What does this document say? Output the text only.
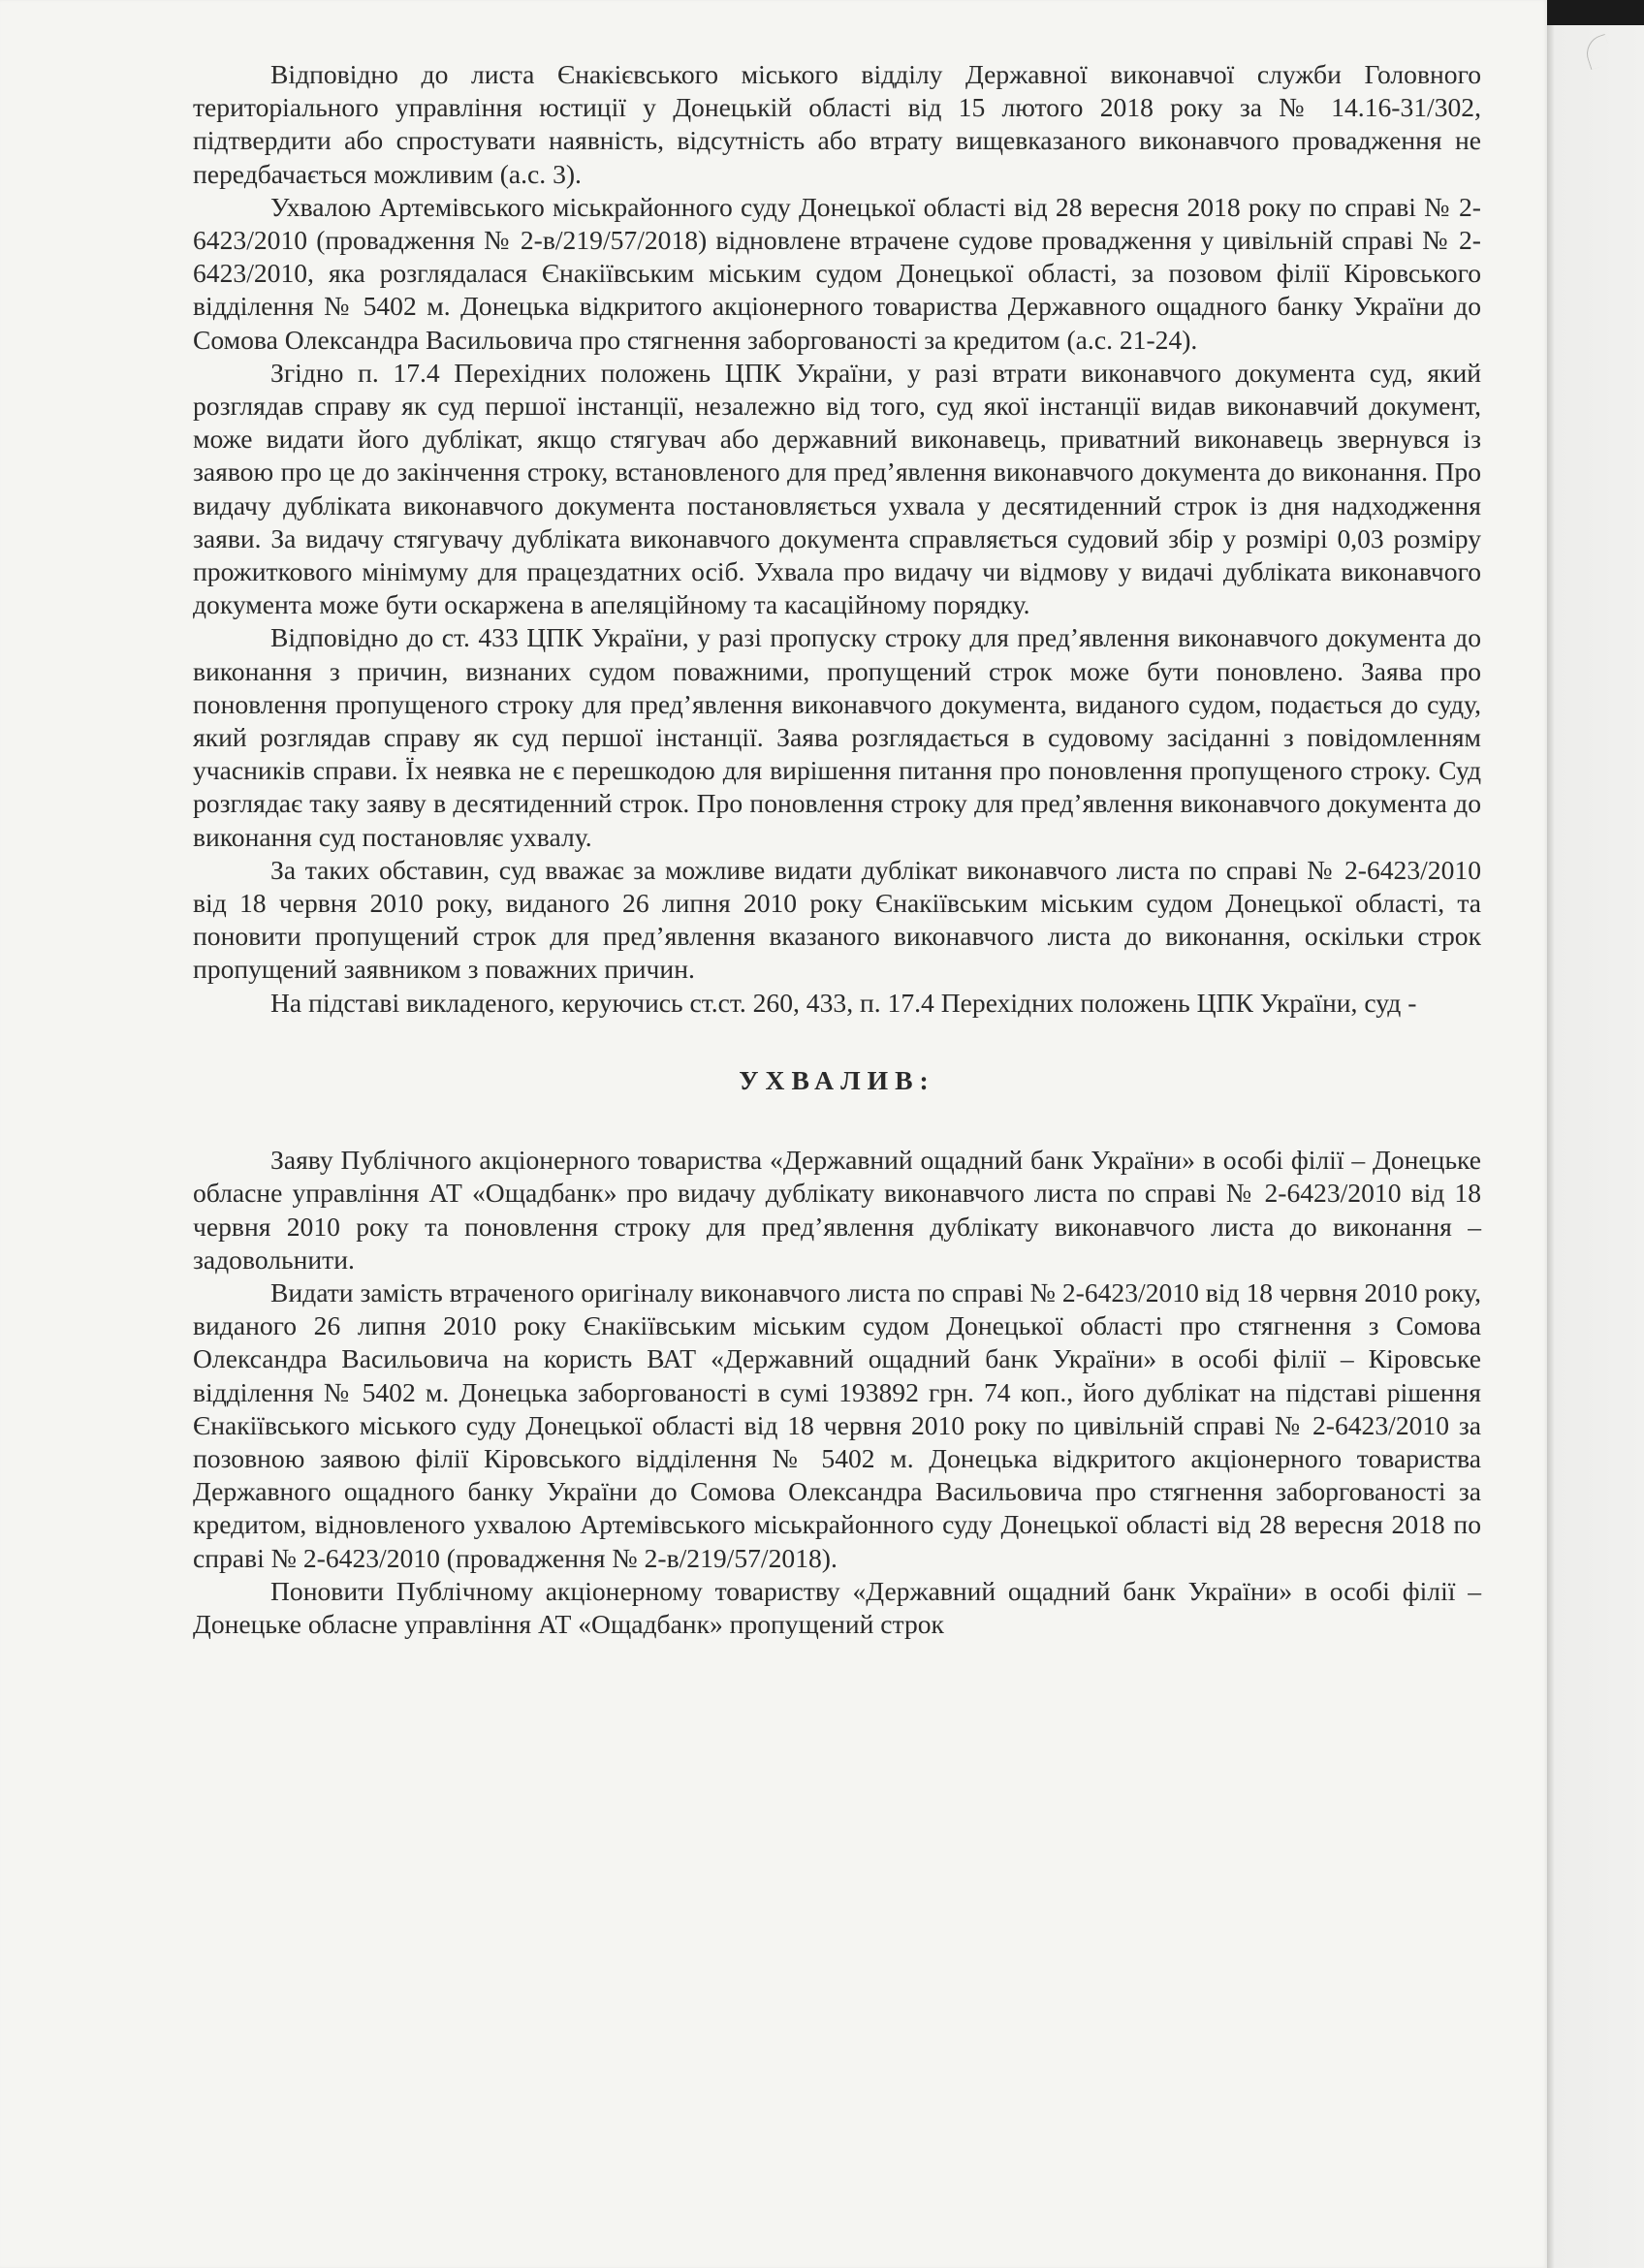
Відповідно до листа Єнакієвського міського відділу Державної виконавчої служби Головного територіального управління юстиції у Донецькій області від 15 лютого 2018 року за № 14.16-31/302, підтвердити або спростувати наявність, відсутність або втрату вищевказаного виконавчого провадження не передбачається можливим (а.с. 3).

Ухвалою Артемівського міськрайонного суду Донецької області від 28 вересня 2018 року по справі № 2-6423/2010 (провадження № 2-в/219/57/2018) відновлене втрачене судове провадження у цивільній справі № 2-6423/2010, яка розглядалася Єнакіївським міським судом Донецької області, за позовом філії Кіровського відділення № 5402 м. Донецька відкритого акціонерного товариства Державного ощадного банку України до Сомова Олександра Васильовича про стягнення заборгованості за кредитом (а.с. 21-24).

Згідно п. 17.4 Перехідних положень ЦПК України, у разі втрати виконавчого документа суд, який розглядав справу як суд першої інстанції, незалежно від того, суд якої інстанції видав виконавчий документ, може видати його дублікат, якщо стягувач або державний виконавець, приватний виконавець звернувся із заявою про це до закінчення строку, встановленого для пред’явлення виконавчого документа до виконання. Про видачу дубліката виконавчого документа постановляється ухвала у десятиденний строк із дня надходження заяви. За видачу стягувачу дубліката виконавчого документа справляється судовий збір у розмірі 0,03 розміру прожиткового мінімуму для працездатних осіб. Ухвала про видачу чи відмову у видачі дубліката виконавчого документа може бути оскаржена в апеляційному та касаційному порядку.

Відповідно до ст. 433 ЦПК України, у разі пропуску строку для пред’явлення виконавчого документа до виконання з причин, визнаних судом поважними, пропущений строк може бути поновлено. Заява про поновлення пропущеного строку для пред’явлення виконавчого документа, виданого судом, подається до суду, який розглядав справу як суд першої інстанції. Заява розглядається в судовому засіданні з повідомленням учасників справи. Їх неявка не є перешкодою для вирішення питання про поновлення пропущеного строку. Суд розглядає таку заяву в десятиденний строк. Про поновлення строку для пред’явлення виконавчого документа до виконання суд постановляє ухвалу.

За таких обставин, суд вважає за можливе видати дублікат виконавчого листа по справі № 2-6423/2010 від 18 червня 2010 року, виданого 26 липня 2010 року Єнакіївським міським судом Донецької області, та поновити пропущений строк для пред’явлення вказаного виконавчого листа до виконання, оскільки строк пропущений заявником з поважних причин.

На підставі викладеного, керуючись ст.ст. 260, 433, п. 17.4 Перехідних положень ЦПК України, суд -

УХВАЛИВ:

Заяву Публічного акціонерного товариства «Державний ощадний банк України» в особі філії – Донецьке обласне управління АТ «Ощадбанк» про видачу дублікату виконавчого листа по справі № 2-6423/2010 від 18 червня 2010 року та поновлення строку для пред’явлення дублікату виконавчого листа до виконання – задовольнити.

Видати замість втраченого оригіналу виконавчого листа по справі № 2-6423/2010 від 18 червня 2010 року, виданого 26 липня 2010 року Єнакіївським міським судом Донецької області про стягнення з Сомова Олександра Васильовича на користь ВАТ «Державний ощадний банк України» в особі філії – Кіровське відділення № 5402 м. Донецька заборгованості в сумі 193892 грн. 74 коп., його дублікат на підставі рішення Єнакіївського міського суду Донецької області від 18 червня 2010 року по цивільній справі № 2-6423/2010 за позовною заявою філії Кіровського відділення № 5402 м. Донецька відкритого акціонерного товариства Державного ощадного банку України до Сомова Олександра Васильовича про стягнення заборгованості за кредитом, відновленого ухвалою Артемівського міськрайонного суду Донецької області від 28 вересня 2018 по справі № 2-6423/2010 (провадження № 2-в/219/57/2018).

Поновити Публічному акціонерному товариству «Державний ощадний банк України» в особі філії – Донецьке обласне управління АТ «Ощадбанк» пропущений строк
